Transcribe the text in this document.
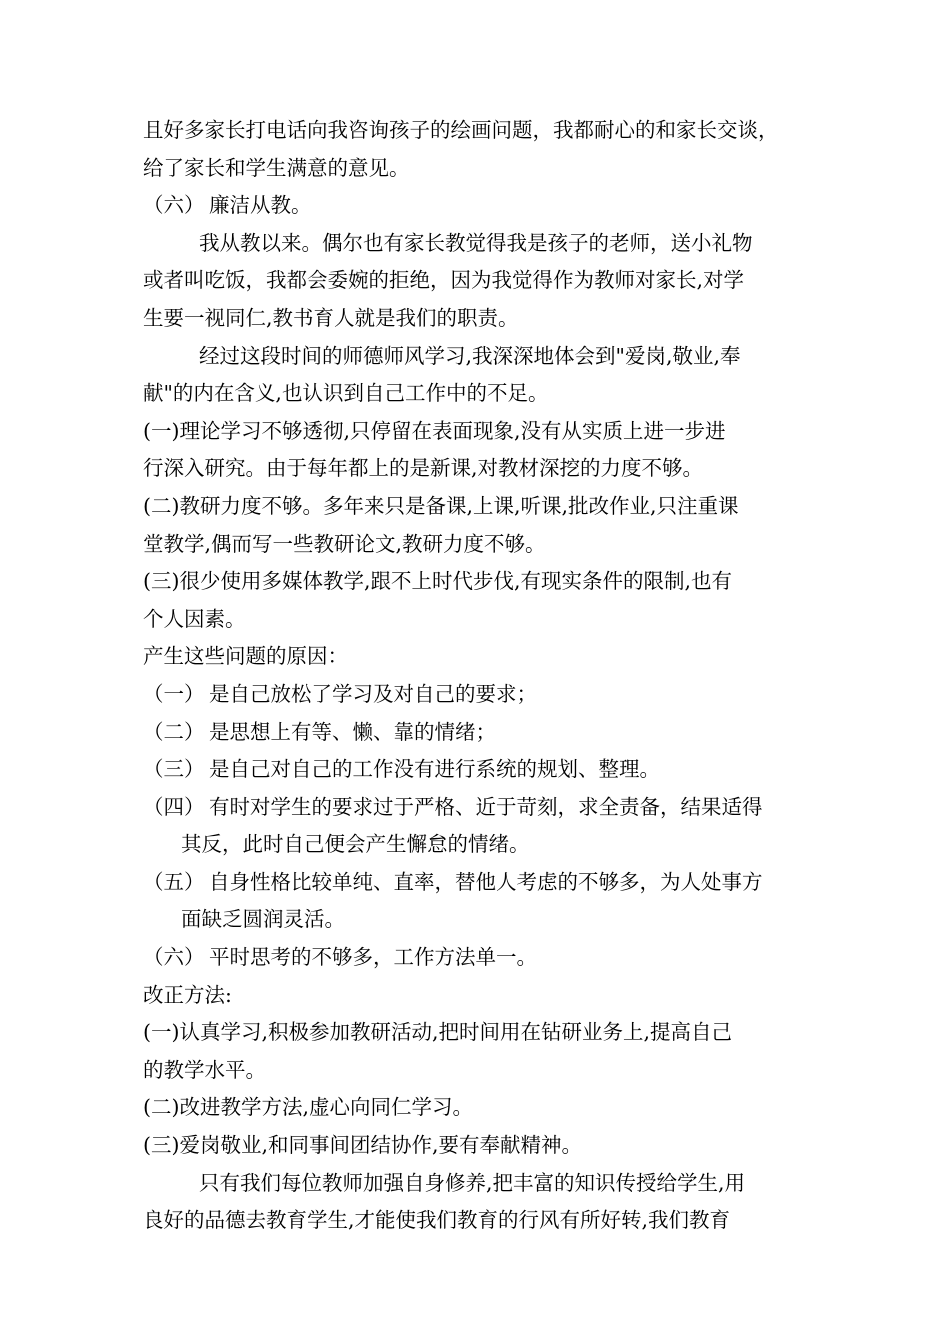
且好多家长打电话向我咨询孩子的绘画问题，我都耐心的和家长交谈，
给了家长和学生满意的意见。
（六） 廉洁从教。
我从教以来。偶尔也有家长教觉得我是孩子的老师，送小礼物
或者叫吃饭，我都会委婉的拒绝，因为我觉得作为教师对家长,对学
生要一视同仁,教书育人就是我们的职责。
经过这段时间的师德师风学习,我深深地体会到"爱岗,敬业,奉
献"的内在含义,也认识到自己工作中的不足。
(一)理论学习不够透彻,只停留在表面现象,没有从实质上进一步进
行深入研究。由于每年都上的是新课,对教材深挖的力度不够。
(二)教研力度不够。多年来只是备课,上课,听课,批改作业,只注重课
堂教学,偶而写一些教研论文,教研力度不够。
(三)很少使用多媒体教学,跟不上时代步伐,有现实条件的限制,也有
个人因素。
产生这些问题的原因：
（一） 是自己放松了学习及对自己的要求；
（二） 是思想上有等、懒、靠的情绪；
（三） 是自己对自己的工作没有进行系统的规划、整理。
（四） 有时对学生的要求过于严格、近于苛刻，求全责备，结果适得
其反，此时自己便会产生懈怠的情绪。
（五） 自身性格比较单纯、直率，替他人考虑的不够多，为人处事方
面缺乏圆润灵活。
（六） 平时思考的不够多，工作方法单一。
改正方法:
(一)认真学习,积极参加教研活动,把时间用在钻研业务上,提高自己
的教学水平。
(二)改进教学方法,虚心向同仁学习。
(三)爱岗敬业,和同事间团结协作,要有奉献精神。
只有我们每位教师加强自身修养,把丰富的知识传授给学生,用
良好的品德去教育学生,才能使我们教育的行风有所好转,我们教育
